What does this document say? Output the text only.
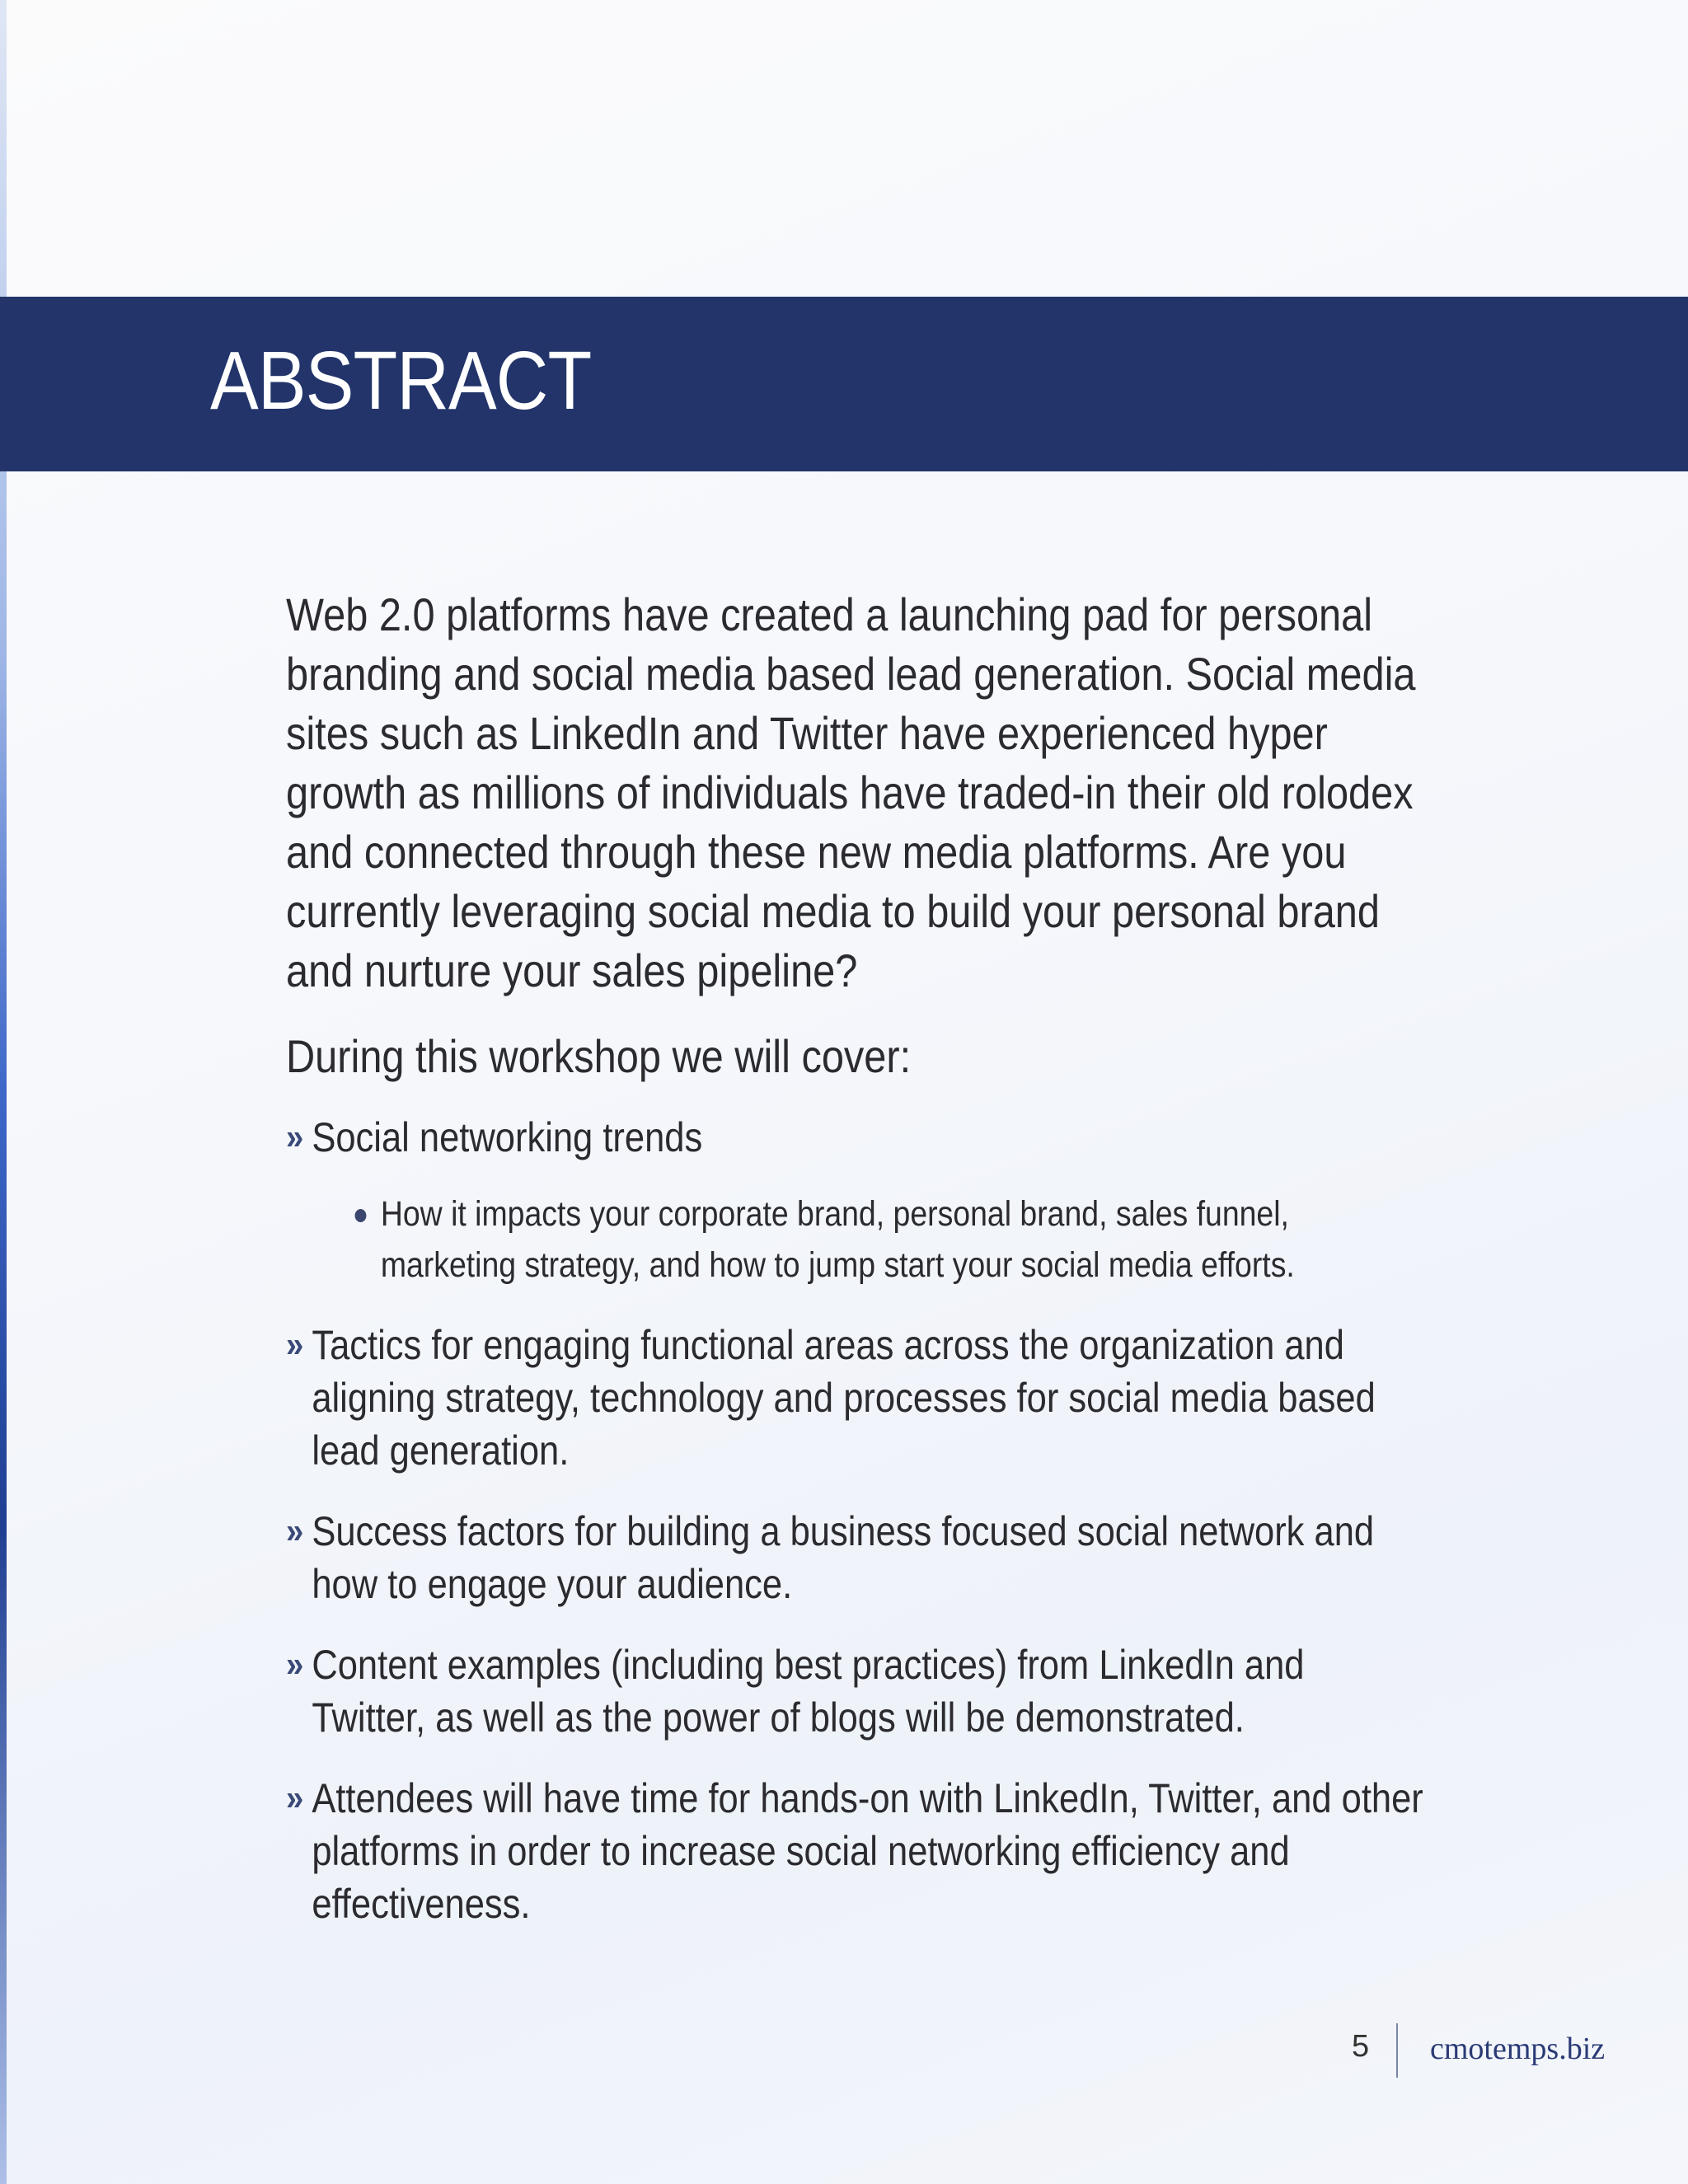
ABSTRACT

Web 2.0 platforms have created a launching pad for personal branding and social media based lead generation. Social media sites such as LinkedIn and Twitter have experienced hyper growth as millions of individuals have traded-in their old rolodex and connected through these new media platforms. Are you currently leveraging social media to build your personal brand and nurture your sales pipeline?

During this workshop we will cover:

» Social networking trends
How it impacts your corporate brand, personal brand, sales funnel, marketing strategy, and how to jump start your social media efforts.
» Tactics for engaging functional areas across the organization and aligning strategy, technology and processes for social media based lead generation.
» Success factors for building a business focused social network and how to engage your audience.
» Content examples (including best practices) from LinkedIn and Twitter, as well as the power of blogs will be demonstrated.
» Attendees will have time for hands-on with LinkedIn, Twitter, and other platforms in order to increase social networking efficiency and effectiveness.
5 cmotemps.biz
